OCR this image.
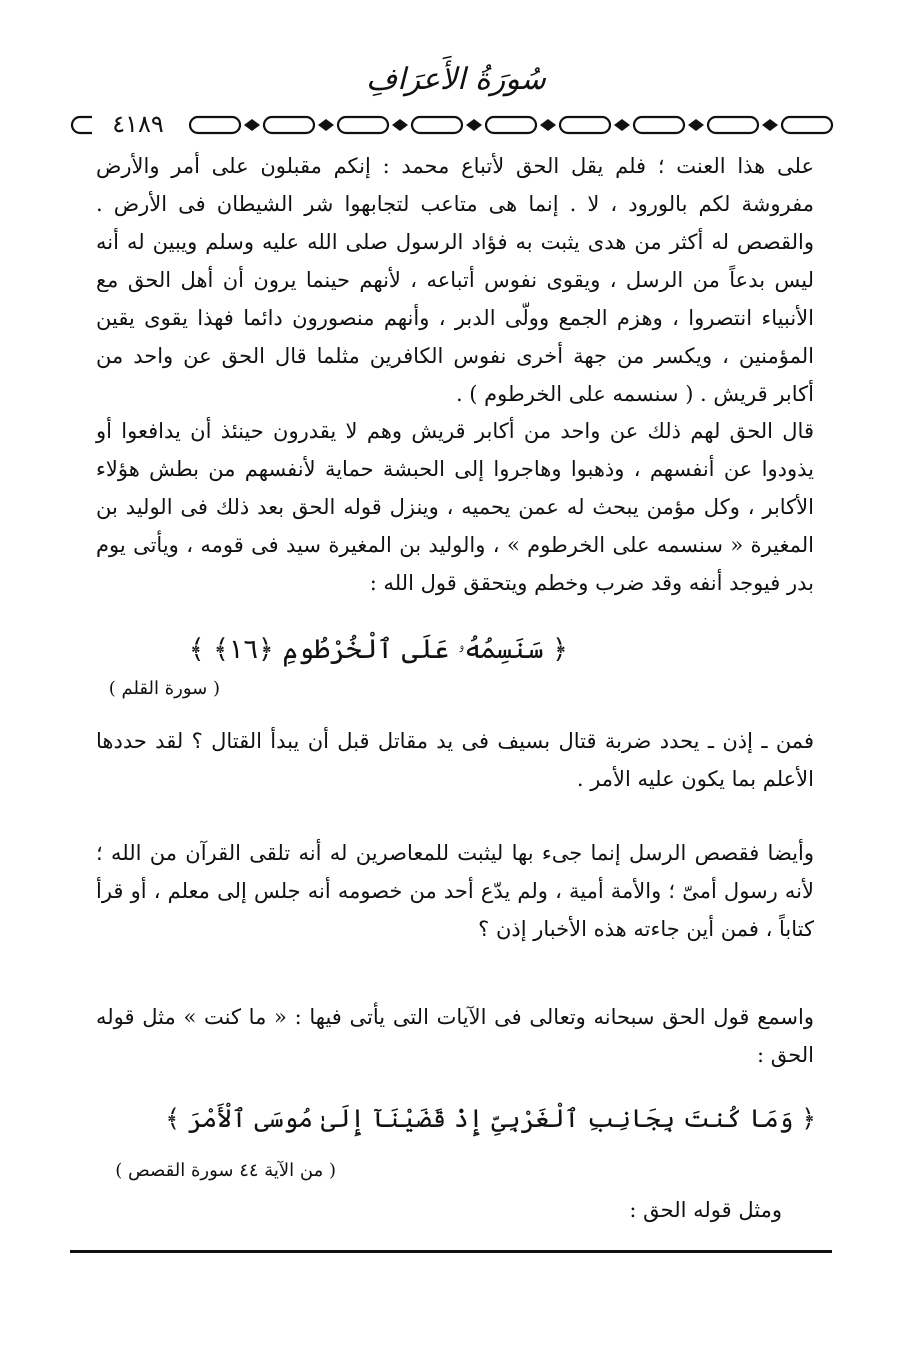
سُورَةُ الأَعرَافِ
٤١٨٩

على هذا العنت ؛ فلم يقل الحق لأتباع محمد : إنكم مقبلون على أمر والأرض مفروشة لكم بالورود ، لا . إنما هى متاعب لتجابهوا شر الشيطان فى الأرض . والقصص له أكثر من هدى يثبت به فؤاد الرسول صلى الله عليه وسلم ويبين له أنه ليس بدعاً من الرسل ، ويقوى نفوس أتباعه ، لأنهم حينما يرون أن أهل الحق مع الأنبياء انتصروا ، وهزم الجمع وولّى الدبر ، وأنهم منصورون دائما فهذا يقوى يقين المؤمنين ، ويكسر من جهة أخرى نفوس الكافرين مثلما قال الحق عن واحد من أكابر قريش . ( سنسمه على الخرطوم ) .

قال الحق لهم ذلك عن واحد من أكابر قريش وهم لا يقدرون حينئذ أن يدافعوا أو يذودوا عن أنفسهم ، وذهبوا وهاجروا إلى الحبشة حماية لأنفسهم من بطش هؤلاء الأكابر ، وكل مؤمن يبحث له عمن يحميه ، وينزل قوله الحق بعد ذلك فى الوليد بن المغيرة « سنسمه على الخرطوم » ، والوليد بن المغيرة سيد فى قومه ، ويأتى يوم بدر فيوجد أنفه وقد ضرب وخطم ويتحقق قول الله :

﴿ سَنَسِمُهُۥ عَلَى ٱلْخُرْطُومِ ﴿١٦﴾ ﴾
( سورة القلم )

فمن ـ إذن ـ يحدد ضربة قتال بسيف فى يد مقاتل قبل أن يبدأ القتال ؟ لقد حددها الأعلم بما يكون عليه الأمر .

وأيضا فقصص الرسل إنما جىء بها ليثبت للمعاصرين له أنه تلقى القرآن من الله ؛ لأنه رسول أمىّ ؛ والأمة أمية ، ولم يدّع أحد من خصومه أنه جلس إلى معلم ، أو قرأ كتاباً ، فمن أين جاءته هذه الأخبار إذن ؟

واسمع قول الحق سبحانه وتعالى فى الآيات التى يأتى فيها : « ما كنت » مثل قوله الحق :

﴿ وَمَا كُنتَ بِجَانِبِ ٱلْغَرْبِىِّ إِذْ قَضَيْنَآ إِلَىٰ مُوسَى ٱلْأَمْرَ ﴾
( من الآية ٤٤ سورة القصص )

ومثل قوله الحق :
